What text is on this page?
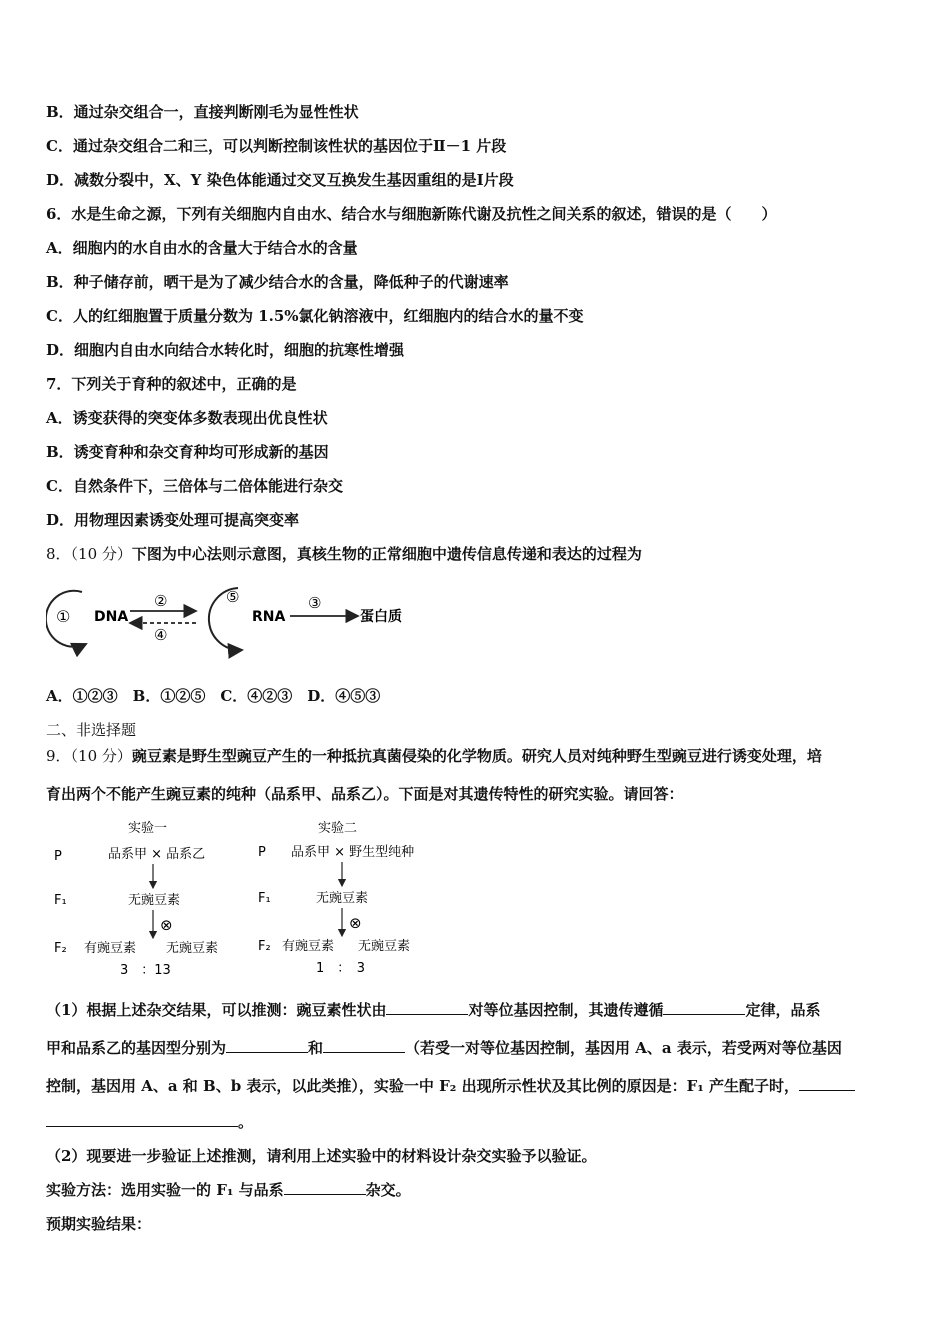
B．通过杂交组合一，直接判断刚毛为显性性状
C．通过杂交组合二和三，可以判断控制该性状的基因位于Ⅱ－1 片段
D．减数分裂中，X、Y 染色体能通过交叉互换发生基因重组的是Ⅰ片段
6．水是生命之源，下列有关细胞内自由水、结合水与细胞新陈代谢及抗性之间关系的叙述，错误的是（　　）
A．细胞内的水自由水的含量大于结合水的含量
B．种子储存前，晒干是为了减少结合水的含量，降低种子的代谢速率
C．人的红细胞置于质量分数为 1.5%氯化钠溶液中，红细胞内的结合水的量不变
D．细胞内自由水向结合水转化时，细胞的抗寒性增强
7．下列关于育种的叙述中，正确的是
A．诱变获得的突变体多数表现出优良性状
B．诱变育种和杂交育种均可形成新的基因
C．自然条件下，三倍体与二倍体能进行杂交
D．用物理因素诱变处理可提高突变率
8．（10 分）下图为中心法则示意图，真核生物的正常细胞中遗传信息传递和表达的过程为
① DNA
②
④
⑤
RNA
③
蛋白质
A．①②③　B．①②⑤　C．④②③　D．④⑤③
二、非选择题
9．（10 分）豌豆素是野生型豌豆产生的一种抵抗真菌侵染的化学物质。研究人员对纯种野生型豌豆进行诱变处理，培
育出两个不能产生豌豆素的纯种（品系甲、品系乙）。下面是对其遗传特性的研究实验。请回答：
实验一
P	品系甲 × 品系乙
F₁	无豌豆素
⊗
F₂ 有豌豆素 无豌豆素
3　：13
实验二
P 品系甲 × 野生型纯种
F₁	无豌豆素
⊗
F₂ 有豌豆素 无豌豆素
1　：　3
（1）根据上述杂交结果，可以推测：豌豆素性状由	对等位基因控制，其遗传遵循	定律，品系
甲和品系乙的基因型分别为	和	（若受一对等位基因控制，基因用 A、a 表示，若受两对等位基因
控制，基因用 A、a 和 B、b 表示，以此类推），实验一中 F₂ 出现所示性状及其比例的原因是：F₁ 产生配子时，
。
（2）现要进一步验证上述推测，请利用上述实验中的材料设计杂交实验予以验证。
实验方法：选用实验一的 F₁ 与品系	杂交。
预期实验结果：
